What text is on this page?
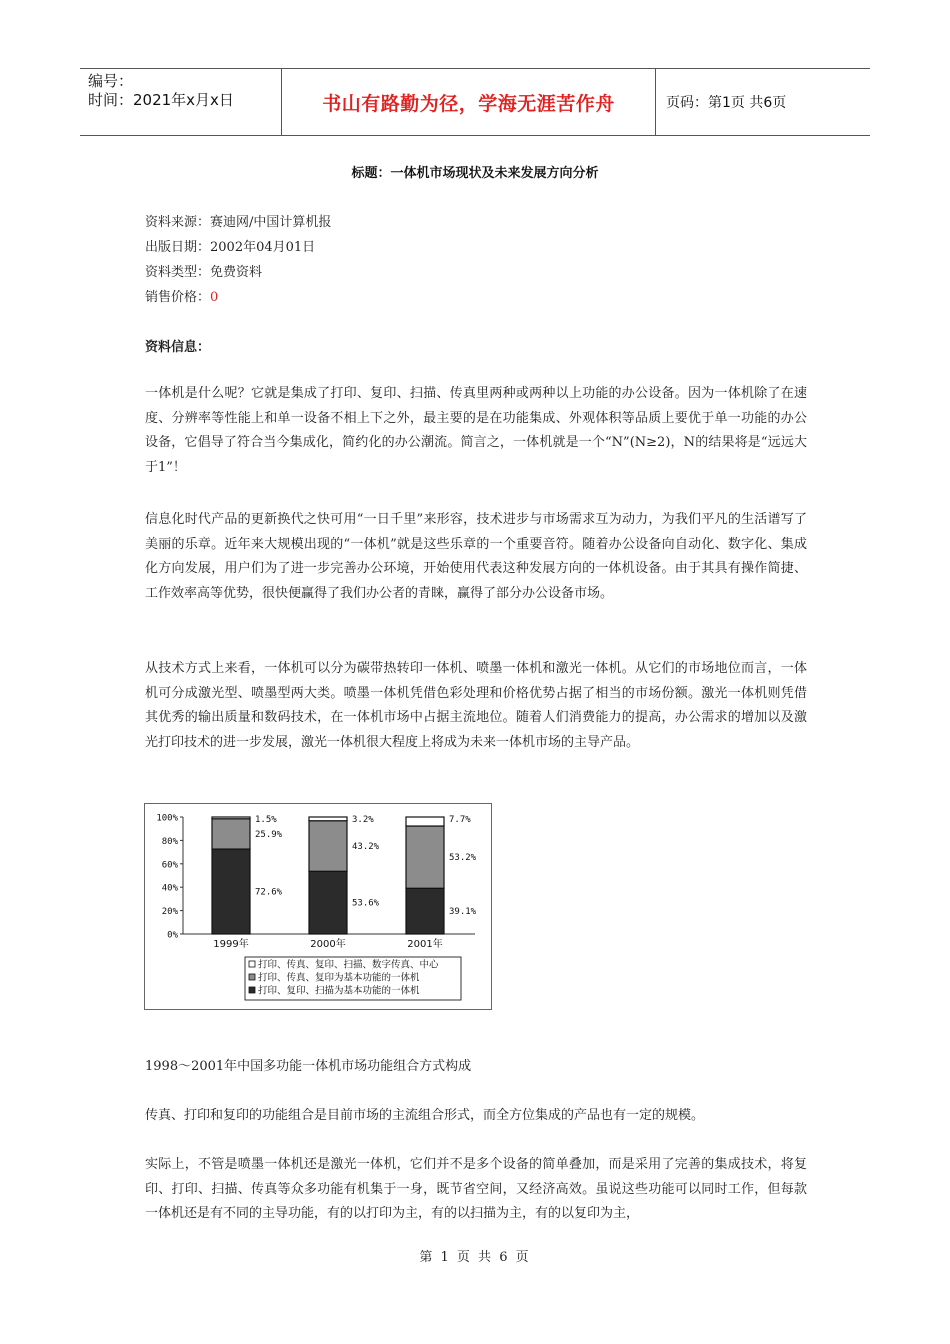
编号：
时间：2021年x月x日	书山有路勤为径，学海无涯苦作舟	页码：第1页 共6页
标题：一体机市场现状及未来发展方向分析
资料来源：赛迪网/中国计算机报
出版日期：2002年04月01日
资料类型：免费资料
销售价格：0
资料信息：

一体机是什么呢？它就是集成了打印、复印、扫描、传真里两种或两种以上功能的办公设备。因为一体机除了在速度、分辨率等性能上和单一设备不相上下之外，最主要的是在功能集成、外观体积等品质上要优于单一功能的办公设备，它倡导了符合当今集成化，简约化的办公潮流。简言之，一体机就是一个“N”(N≥2)，N的结果将是“远远大于1”！

信息化时代产品的更新换代之快可用“一日千里”来形容，技术进步与市场需求互为动力，为我们平凡的生活谱写了美丽的乐章。近年来大规模出现的“一体机”就是这些乐章的一个重要音符。随着办公设备向自动化、数字化、集成化方向发展，用户们为了进一步完善办公环境，开始使用代表这种发展方向的一体机设备。由于其具有操作简捷、工作效率高等优势，很快便赢得了我们办公者的青睐，赢得了部分办公设备市场。

从技术方式上来看，一体机可以分为碳带热转印一体机、喷墨一体机和激光一体机。从它们的市场地位而言，一体机可分成激光型、喷墨型两大类。喷墨一体机凭借色彩处理和价格优势占据了相当的市场份额。激光一体机则凭借其优秀的输出质量和数码技术，在一体机市场中占据主流地位。随着人们消费能力的提高，办公需求的增加以及激光打印技术的进一步发展，激光一体机很大程度上将成为未来一体机市场的主导产品。

0%
20%
40%
60%
80%
100%
72.6%
25.9%
1.5%
1999年
53.6%
43.2%
3.2%
2000年
39.1%
53.2%
7.7%
2001年
打印、传真、复印、扫描、数字传真、中心
打印、传真、复印为基本功能的一体机
打印、复印、扫描为基本功能的一体机

1998～2001年中国多功能一体机市场功能组合方式构成

传真、打印和复印的功能组合是目前市场的主流组合形式，而全方位集成的产品也有一定的规模。

实际上，不管是喷墨一体机还是激光一体机，它们并不是多个设备的简单叠加，而是采用了完善的集成技术，将复印、打印、扫描、传真等众多功能有机集于一身，既节省空间，又经济高效。虽说这些功能可以同时工作，但每款一体机还是有不同的主导功能，有的以打印为主，有的以扫描为主，有的以复印为主，

第 1 页 共 6 页
